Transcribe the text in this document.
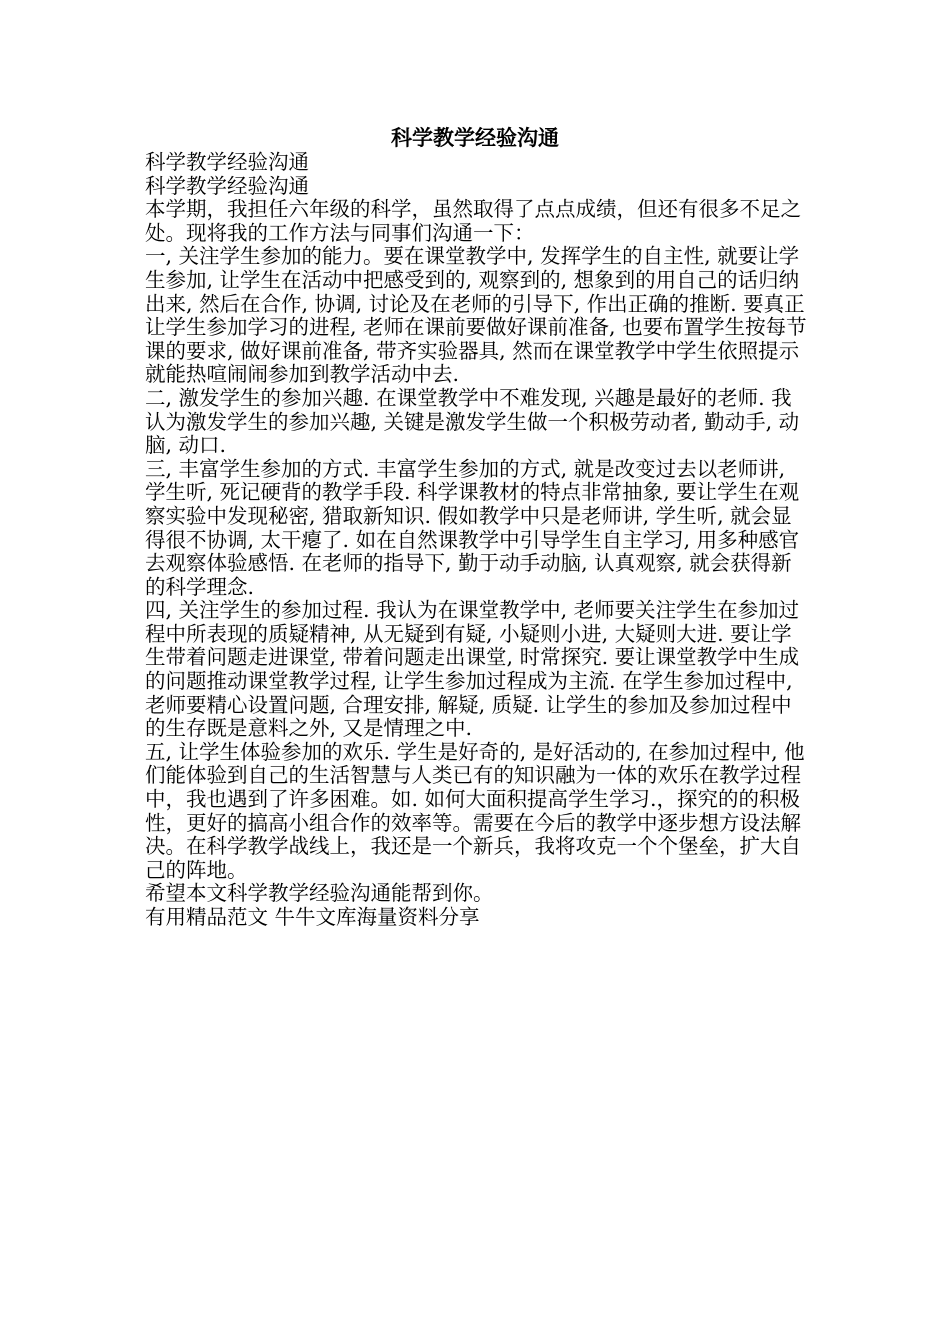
科学教学经验沟通

科学教学经验沟通

科学教学经验沟通

本学期，我担任六年级的科学，虽然取得了点点成绩，但还有很多不足之处。现将我的工作方法与同事们沟通一下：

一, 关注学生参加的能力。要在课堂教学中, 发挥学生的自主性, 就要让学生参加, 让学生在活动中把感受到的, 观察到的, 想象到的用自己的话归纳出来, 然后在合作, 协调, 讨论及在老师的引导下, 作出正确的推断. 要真正让学生参加学习的进程, 老师在课前要做好课前准备, 也要布置学生按每节课的要求, 做好课前准备, 带齐实验器具, 然而在课堂教学中学生依照提示就能热喧闹闹参加到教学活动中去.

二, 激发学生的参加兴趣. 在课堂教学中不难发现, 兴趣是最好的老师. 我认为激发学生的参加兴趣, 关键是激发学生做一个积极劳动者, 勤动手, 动脑, 动口.

三, 丰富学生参加的方式. 丰富学生参加的方式, 就是改变过去以老师讲, 学生听, 死记硬背的教学手段. 科学课教材的特点非常抽象, 要让学生在观察实验中发现秘密, 猎取新知识. 假如教学中只是老师讲, 学生听, 就会显得很不协调, 太干瘪了. 如在自然课教学中引导学生自主学习, 用多种感官去观察体验感悟. 在老师的指导下, 勤于动手动脑, 认真观察, 就会获得新的科学理念.

四, 关注学生的参加过程. 我认为在课堂教学中, 老师要关注学生在参加过程中所表现的质疑精神, 从无疑到有疑, 小疑则小进, 大疑则大进. 要让学生带着问题走进课堂, 带着问题走出课堂, 时常探究. 要让课堂教学中生成的问题推动课堂教学过程, 让学生参加过程成为主流. 在学生参加过程中, 老师要精心设置问题, 合理安排, 解疑, 质疑. 让学生的参加及参加过程中的生存既是意料之外, 又是情理之中.

五, 让学生体验参加的欢乐. 学生是好奇的, 是好活动的, 在参加过程中, 他们能体验到自己的生活智慧与人类已有的知识融为一体的欢乐在教学过程中，我也遇到了许多困难。如. 如何大面积提高学生学习.，探究的的积极性，更好的搞高小组合作的效率等。需要在今后的教学中逐步想方设法解决。在科学教学战线上，我还是一个新兵，我将攻克一个个堡垒，扩大自己的阵地。

希望本文科学教学经验沟通能帮到你。

有用精品范文 牛牛文库海量资料分享
